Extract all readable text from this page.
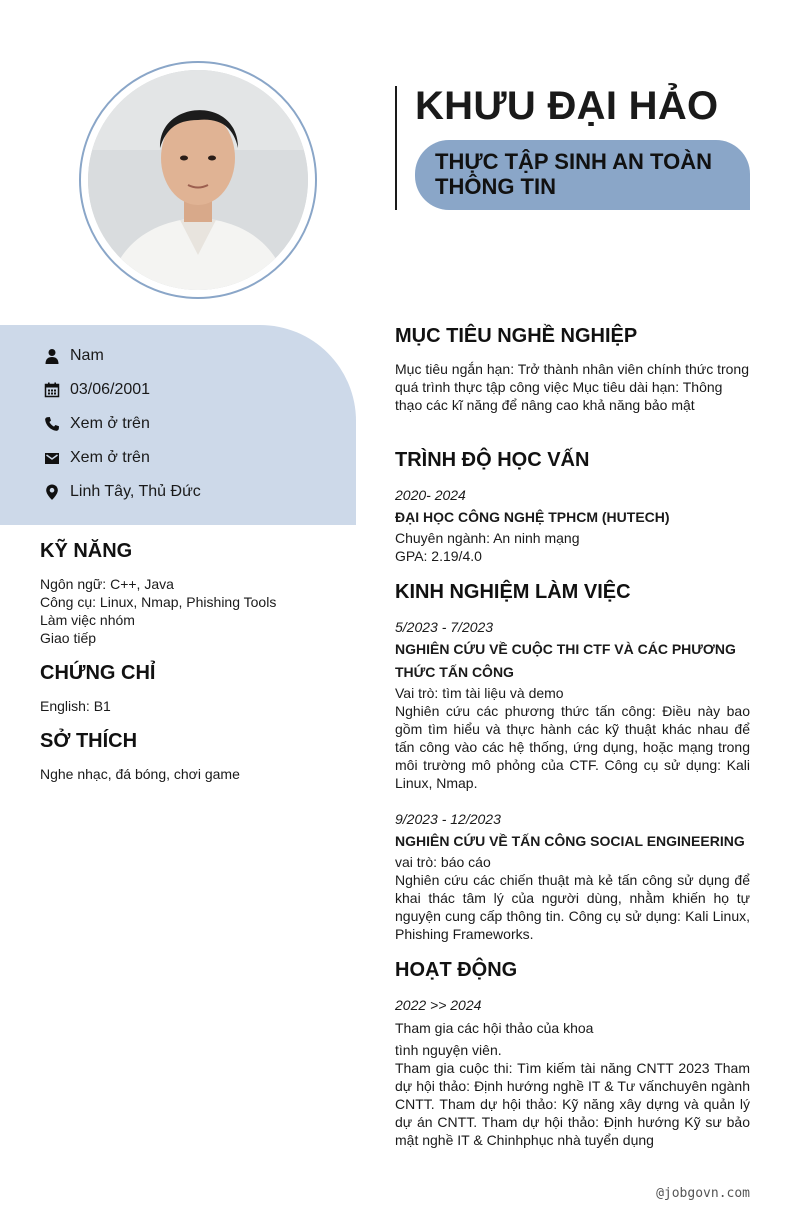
KHƯU ĐẠI HẢO
THỰC TẬP SINH AN TOÀN THÔNG TIN
Nam
03/06/2001
Xem ở trên
Xem ở trên
Linh Tây, Thủ Đức
KỸ NĂNG
Ngôn ngữ: C++, Java
Công cụ: Linux, Nmap, Phishing Tools
Làm việc nhóm
Giao tiếp
CHỨNG CHỈ
English: B1
SỞ THÍCH
Nghe nhạc, đá bóng, chơi game
MỤC TIÊU NGHỀ NGHIỆP
Mục tiêu ngắn hạn: Trở thành nhân viên chính thức trong quá trình thực tập công việc Mục tiêu dài hạn: Thông thạo các kĩ năng để nâng cao khả năng bảo mật
TRÌNH ĐỘ HỌC VẤN
2020- 2024
ĐẠI HỌC CÔNG NGHỆ TPHCM (HUTECH)
Chuyên ngành: An ninh mạng
GPA: 2.19/4.0
KINH NGHIỆM LÀM VIỆC
5/2023 - 7/2023
NGHIÊN CỨU VỀ CUỘC THI CTF VÀ CÁC PHƯƠNG THỨC TẤN CÔNG
Vai trò: tìm tài liệu và demo
Nghiên cứu các phương thức tấn công: Điều này bao gồm tìm hiểu và thực hành các kỹ thuật khác nhau để tấn công vào các hệ thống, ứng dụng, hoặc mạng trong môi trường mô phỏng của CTF. Công cụ sử dụng: Kali Linux, Nmap.
9/2023 - 12/2023
NGHIÊN CỨU VỀ TẤN CÔNG SOCIAL ENGINEERING
vai trò: báo cáo
Nghiên cứu các chiến thuật mà kẻ tấn công sử dụng để khai thác tâm lý của người dùng, nhằm khiến họ tự nguyện cung cấp thông tin. Công cụ sử dụng: Kali Linux, Phishing Frameworks.
HOẠT ĐỘNG
2022 >> 2024
Tham gia các hội thảo của khoa
tình nguyện viên.
Tham gia cuộc thi: Tìm kiếm tài năng CNTT 2023 Tham dự hội thảo: Định hướng nghề IT & Tư vấnchuyên ngành CNTT. Tham dự hội thảo: Kỹ năng xây dựng và quản lý dự án CNTT. Tham dự hội thảo: Định hướng Kỹ sư bảo mật nghề IT & Chinhphục nhà tuyển dụng
@jobgovn.com
